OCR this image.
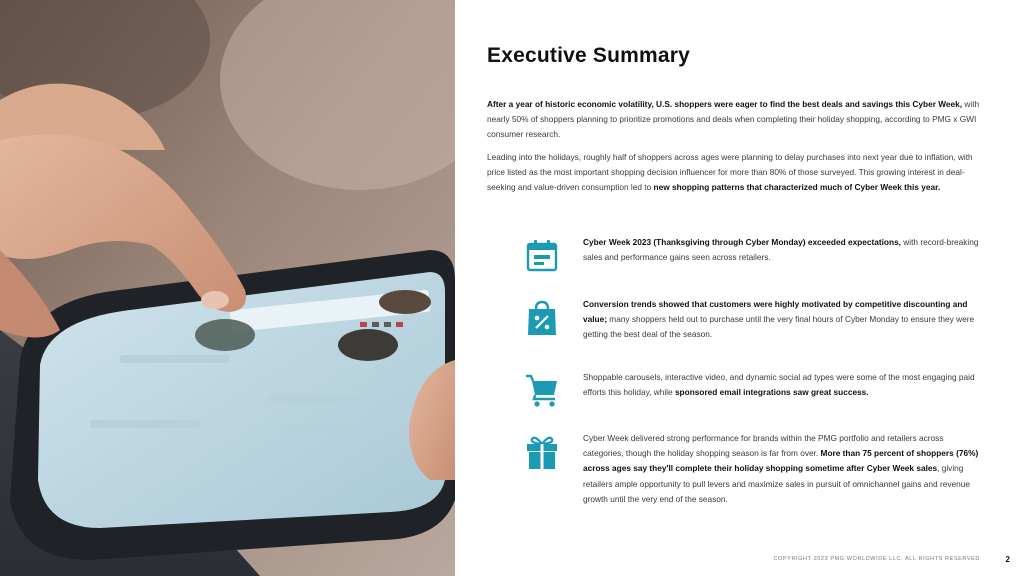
Executive Summary
After a year of historic economic volatility, U.S. shoppers were eager to find the best deals and savings this Cyber Week, with nearly 50% of shoppers planning to prioritize promotions and deals when completing their holiday shopping, according to PMG x GWI consumer research.
Leading into the holidays, roughly half of shoppers across ages were planning to delay purchases into next year due to inflation, with price listed as the most important shopping decision influencer for more than 80% of those surveyed. This growing interest in deal-seeking and value-driven consumption led to new shopping patterns that characterized much of Cyber Week this year.
Cyber Week 2023 (Thanksgiving through Cyber Monday) exceeded expectations, with record-breaking sales and performance gains seen across retailers.
Conversion trends showed that customers were highly motivated by competitive discounting and value; many shoppers held out to purchase until the very final hours of Cyber Monday to ensure they were getting the best deal of the season.
Shoppable carousels, interactive video, and dynamic social ad types were some of the most engaging paid efforts this holiday, while sponsored email integrations saw great success.
Cyber Week delivered strong performance for brands within the PMG portfolio and retailers across categories, though the holiday shopping season is far from over. More than 75 percent of shoppers (76%) across ages say they'll complete their holiday shopping sometime after Cyber Week sales, giving retailers ample opportunity to pull levers and maximize sales in pursuit of omnichannel gains and revenue growth until the very end of the season.
COPYRIGHT 2023 PMG WORLDWIDE LLC. ALL RIGHTS RESERVED	2
